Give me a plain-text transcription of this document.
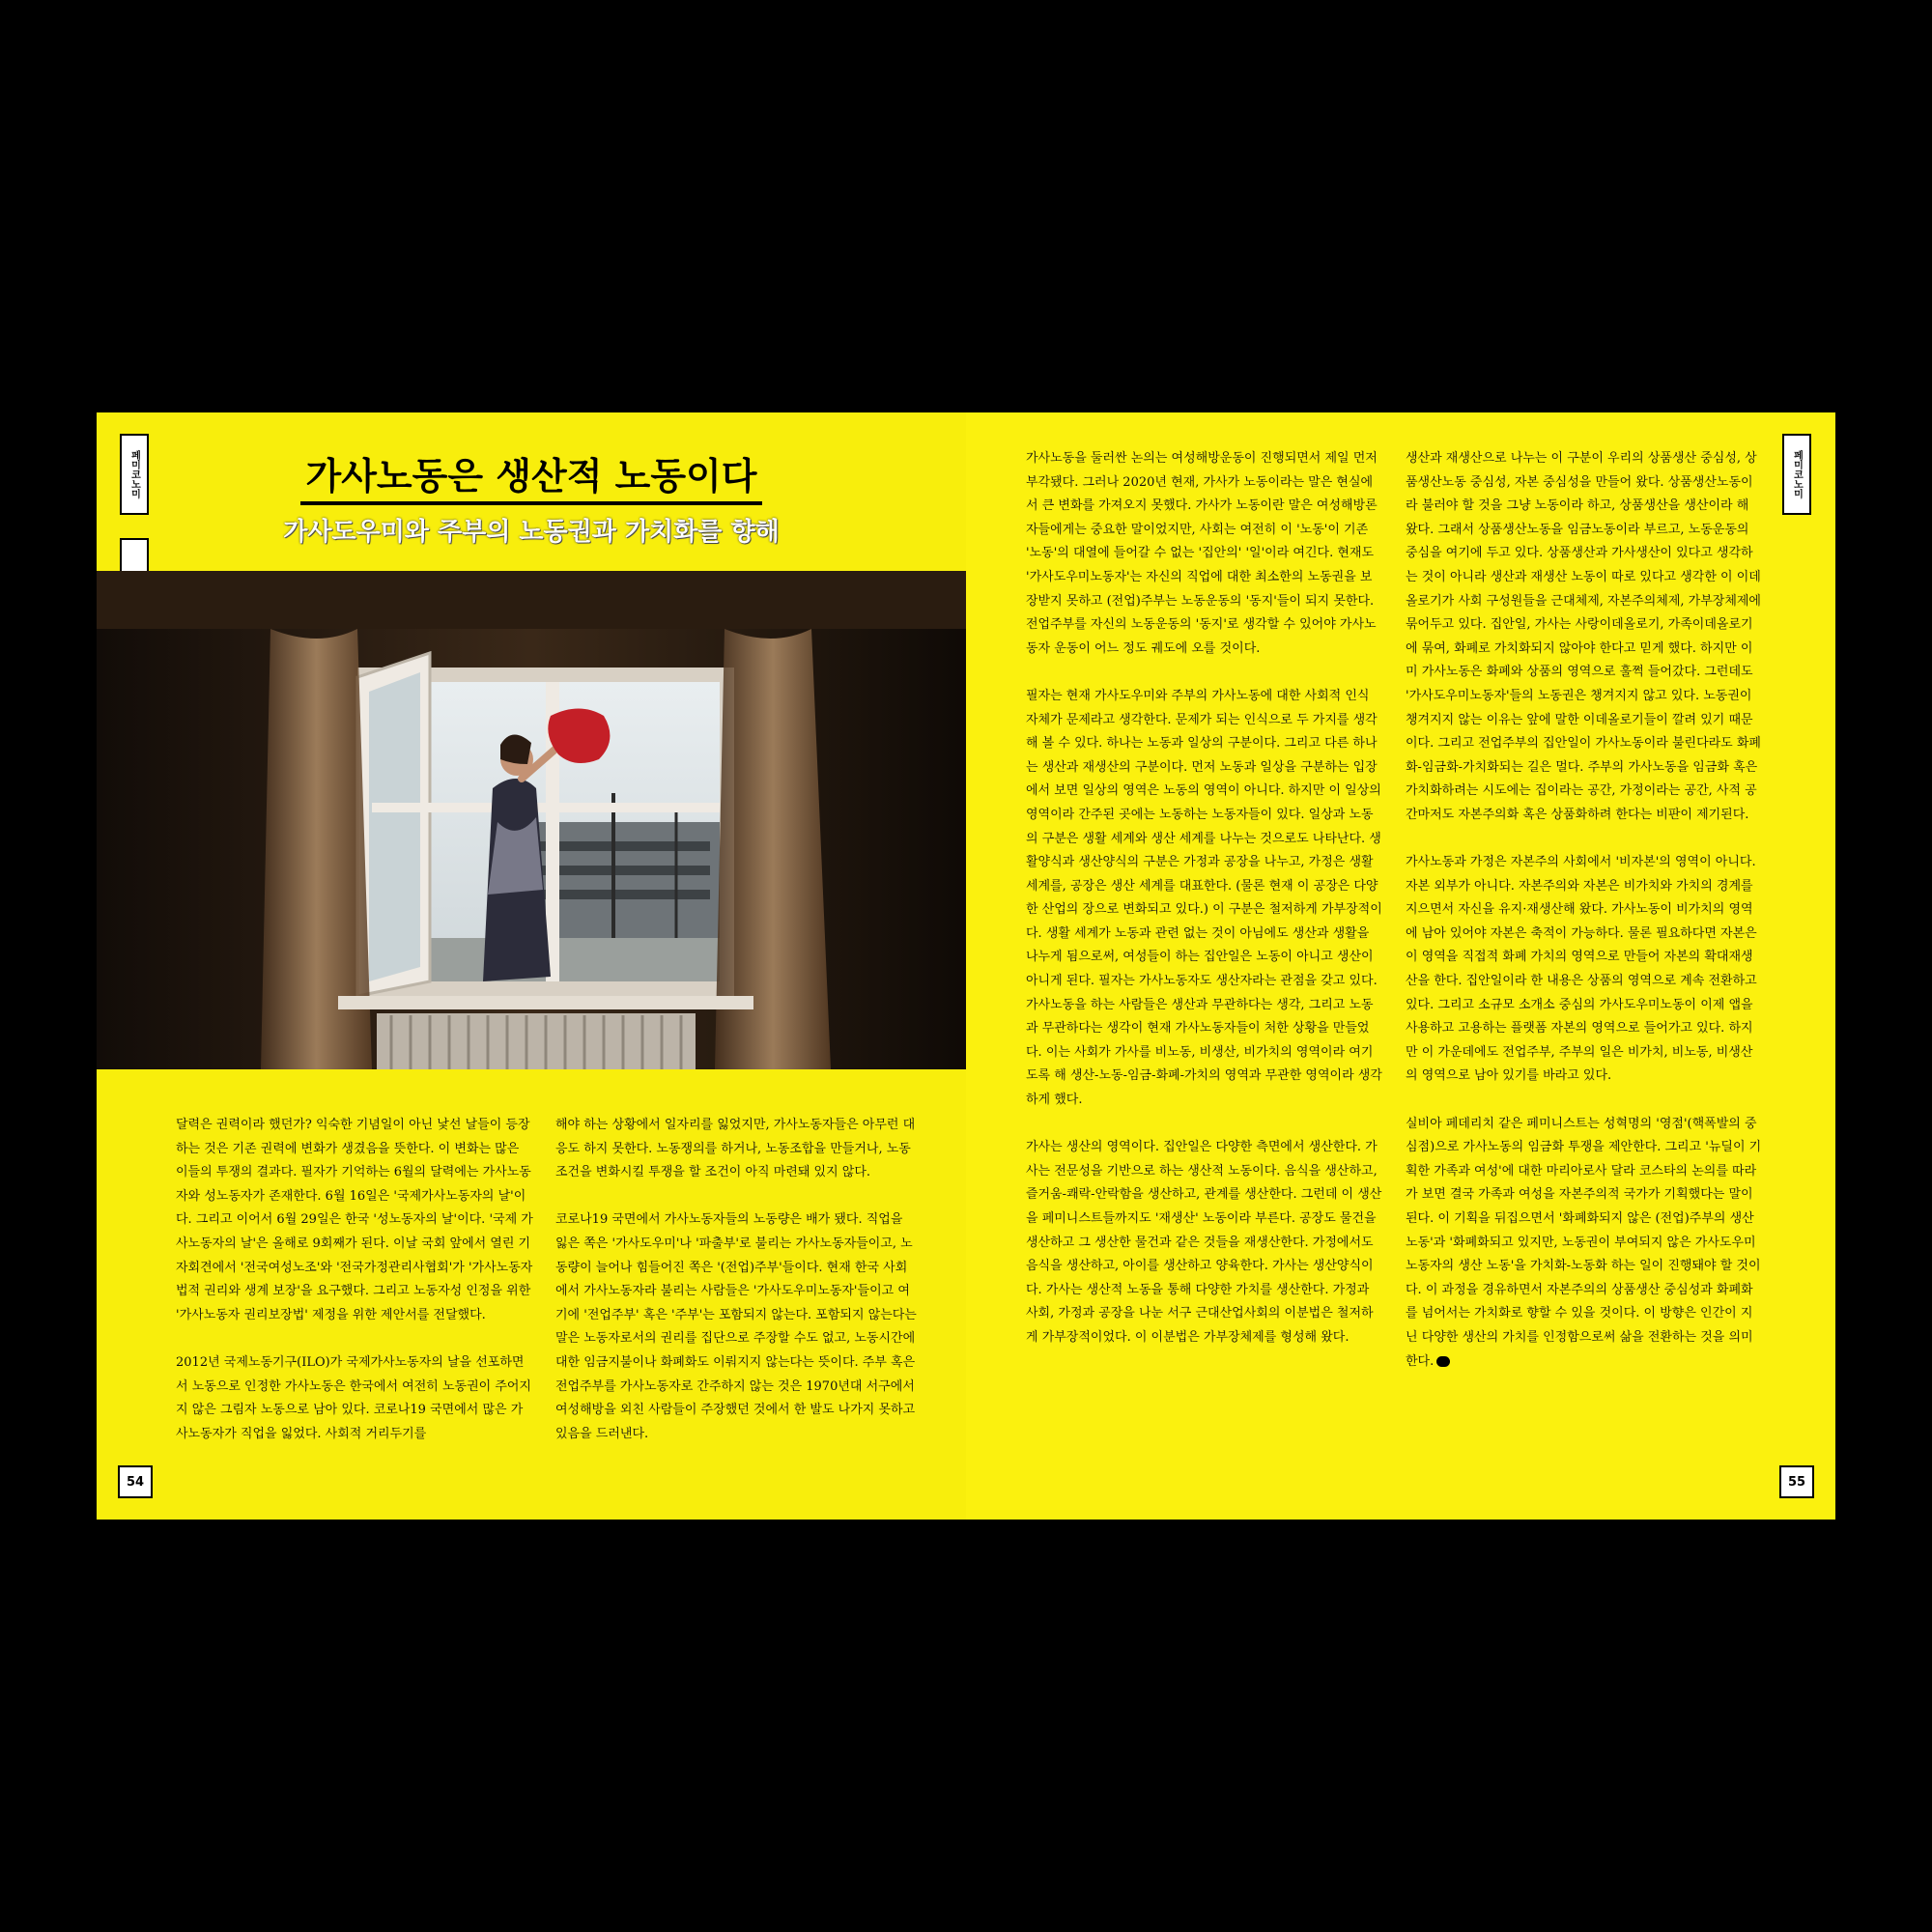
페미코노미	페미코노미
가사노동은 생산적 노동이다
가사도우미와 주부의 노동권과 가치화를 향해

달력은 권력이라 했던가? 익숙한 기념일이 아닌 낯선 날들이 등장하는 것은 기존 권력에 변화가 생겼음을 뜻한다. 이 변화는 많은 이들의 투쟁의 결과다. 필자가 기억하는 6월의 달력에는 가사노동자와 성노동자가 존재한다. 6월 16일은 '국제가사노동자의 날'이다. 그리고 이어서 6월 29일은 한국 '성노동자의 날'이다. '국제 가사노동자의 날'은 올해로 9회째가 된다. 이날 국회 앞에서 열린 기자회견에서 '전국여성노조'와 '전국가정관리사협회'가 '가사노동자 법적 권리와 생계 보장'을 요구했다. 그리고 노동자성 인정을 위한 '가사노동자 권리보장법' 제정을 위한 제안서를 전달했다.

2012년 국제노동기구(ILO)가 국제가사노동자의 날을 선포하면서 노동으로 인정한 가사노동은 한국에서 여전히 노동권이 주어지지 않은 그림자 노동으로 남아 있다. 코로나19 국면에서 많은 가사노동자가 직업을 잃었다. 사회적 거리두기를

해야 하는 상황에서 일자리를 잃었지만, 가사노동자들은 아무런 대응도 하지 못한다. 노동쟁의를 하거나, 노동조합을 만들거나, 노동조건을 변화시킬 투쟁을 할 조건이 아직 마련돼 있지 않다.

코로나19 국면에서 가사노동자들의 노동량은 배가 됐다. 직업을 잃은 쪽은 '가사도우미'나 '파출부'로 불리는 가사노동자들이고, 노동량이 늘어나 힘들어진 쪽은 '(전업)주부'들이다. 현재 한국 사회에서 가사노동자라 불리는 사람들은 '가사도우미노동자'들이고 여기에 '전업주부' 혹은 '주부'는 포함되지 않는다. 포함되지 않는다는 말은 노동자로서의 권리를 집단으로 주장할 수도 없고, 노동시간에 대한 임금지불이나 화폐화도 이뤄지지 않는다는 뜻이다. 주부 혹은 전업주부를 가사노동자로 간주하지 않는 것은 1970년대 서구에서 여성해방을 외친 사람들이 주장했던 것에서 한 발도 나가지 못하고 있음을 드러낸다.

가사노동을 둘러싼 논의는 여성해방운동이 진행되면서 제일 먼저 부각됐다. 그러나 2020년 현재, 가사가 노동이라는 말은 현실에서 큰 변화를 가져오지 못했다. 가사가 노동이란 말은 여성해방론자들에게는 중요한 말이었지만, 사회는 여전히 이 '노동'이 기존 '노동'의 대열에 들어갈 수 없는 '집안의' '일'이라 여긴다. 현재도 '가사도우미노동자'는 자신의 직업에 대한 최소한의 노동권을 보장받지 못하고 (전업)주부는 노동운동의 '동지'들이 되지 못한다. 전업주부를 자신의 노동운동의 '동지'로 생각할 수 있어야 가사노동자 운동이 어느 정도 궤도에 오를 것이다.

필자는 현재 가사도우미와 주부의 가사노동에 대한 사회적 인식 자체가 문제라고 생각한다. 문제가 되는 인식으로 두 가지를 생각해 볼 수 있다. 하나는 노동과 일상의 구분이다. 그리고 다른 하나는 생산과 재생산의 구분이다. 먼저 노동과 일상을 구분하는 입장에서 보면 일상의 영역은 노동의 영역이 아니다. 하지만 이 일상의 영역이라 간주된 곳에는 노동하는 노동자들이 있다. 일상과 노동의 구분은 생활 세계와 생산 세계를 나누는 것으로도 나타난다. 생활양식과 생산양식의 구분은 가정과 공장을 나누고, 가정은 생활 세계를, 공장은 생산 세계를 대표한다. (물론 현재 이 공장은 다양한 산업의 장으로 변화되고 있다.) 이 구분은 철저하게 가부장적이다. 생활 세계가 노동과 관련 없는 것이 아님에도 생산과 생활을 나누게 됨으로써, 여성들이 하는 집안일은 노동이 아니고 생산이 아니게 된다. 필자는 가사노동자도 생산자라는 관점을 갖고 있다. 가사노동을 하는 사람들은 생산과 무관하다는 생각, 그리고 노동과 무관하다는 생각이 현재 가사노동자들이 처한 상황을 만들었다. 이는 사회가 가사를 비노동, 비생산, 비가치의 영역이라 여기도록 해 생산-노동-임금-화폐-가치의 영역과 무관한 영역이라 생각하게 했다.

가사는 생산의 영역이다. 집안일은 다양한 측면에서 생산한다. 가사는 전문성을 기반으로 하는 생산적 노동이다. 음식을 생산하고, 즐거움-쾌락-안락함을 생산하고, 관계를 생산한다. 그런데 이 생산을 페미니스트들까지도 '재생산' 노동이라 부른다. 공장도 물건을 생산하고 그 생산한 물건과 같은 것들을 재생산한다. 가정에서도 음식을 생산하고, 아이를 생산하고 양육한다. 가사는 생산양식이다. 가사는 생산적 노동을 통해 다양한 가치를 생산한다. 가정과 사회, 가정과 공장을 나눈 서구 근대산업사회의 이분법은 철저하게 가부장적이었다. 이 이분법은 가부장체제를 형성해 왔다.

생산과 재생산으로 나누는 이 구분이 우리의 상품생산 중심성, 상품생산노동 중심성, 자본 중심성을 만들어 왔다. 상품생산노동이라 불러야 할 것을 그냥 노동이라 하고, 상품생산을 생산이라 해 왔다. 그래서 상품생산노동을 임금노동이라 부르고, 노동운동의 중심을 여기에 두고 있다. 상품생산과 가사생산이 있다고 생각하는 것이 아니라 생산과 재생산 노동이 따로 있다고 생각한 이 이데올로기가 사회 구성원들을 근대체제, 자본주의체제, 가부장체제에 묶어두고 있다. 집안일, 가사는 사랑이데올로기, 가족이데올로기에 묶여, 화폐로 가치화되지 않아야 한다고 믿게 했다. 하지만 이미 가사노동은 화폐와 상품의 영역으로 훌쩍 들어갔다. 그런데도 '가사도우미노동자'들의 노동권은 챙겨지지 않고 있다. 노동권이 챙겨지지 않는 이유는 앞에 말한 이데올로기들이 깔려 있기 때문이다. 그리고 전업주부의 집안일이 가사노동이라 불린다라도 화폐화-임금화-가치화되는 길은 멀다. 주부의 가사노동을 임금화 혹은 가치화하려는 시도에는 집이라는 공간, 가정이라는 공간, 사적 공간마저도 자본주의화 혹은 상품화하려 한다는 비판이 제기된다.

가사노동과 가정은 자본주의 사회에서 '비자본'의 영역이 아니다. 자본 외부가 아니다. 자본주의와 자본은 비가치와 가치의 경계를 지으면서 자신을 유지·재생산해 왔다. 가사노동이 비가치의 영역에 남아 있어야 자본은 축적이 가능하다. 물론 필요하다면 자본은 이 영역을 직접적 화폐 가치의 영역으로 만들어 자본의 확대재생산을 한다. 집안일이라 한 내용은 상품의 영역으로 계속 전환하고 있다. 그리고 소규모 소개소 중심의 가사도우미노동이 이제 앱을 사용하고 고용하는 플랫폼 자본의 영역으로 들어가고 있다. 하지만 이 가운데에도 전업주부, 주부의 일은 비가치, 비노동, 비생산의 영역으로 남아 있기를 바라고 있다.

실비아 페데리치 같은 페미니스트는 성혁명의 '영점'(핵폭발의 중심점)으로 가사노동의 임금화 투쟁을 제안한다. 그리고 '뉴딜이 기획한 가족과 여성'에 대한 마리아로사 달라 코스타의 논의를 따라가 보면 결국 가족과 여성을 자본주의적 국가가 기획했다는 말이 된다. 이 기획을 뒤집으면서 '화폐화되지 않은 (전업)주부의 생산노동'과 '화폐화되고 있지만, 노동권이 부여되지 않은 가사도우미노동자의 생산 노동'을 가치화-노동화 하는 일이 진행돼야 할 것이다. 이 과정을 경유하면서 자본주의의 상품생산 중심성과 화폐화를 넘어서는 가치화로 향할 수 있을 것이다. 이 방향은 인간이 지닌 다양한 생산의 가치를 인정함으로써 삶을 전환하는 것을 의미한다.

54	55
